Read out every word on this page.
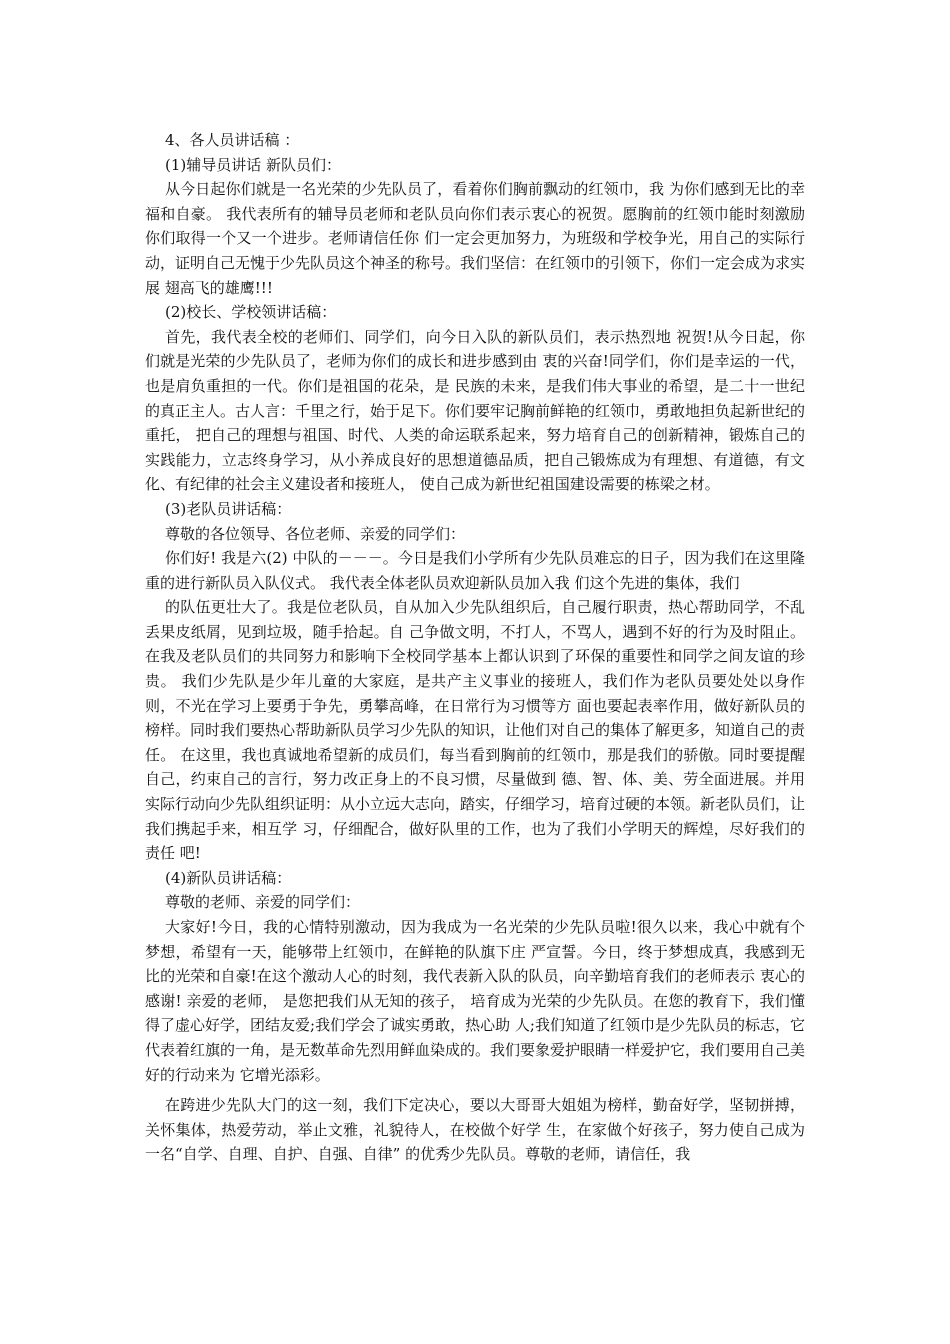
4、各人员讲话稿 ：

(1)辅导员讲话 新队员们：

从今日起你们就是一名光荣的少先队员了，看着你们胸前飘动的红领巾，我 为你们感到无比的幸福和自豪。 我代表所有的辅导员老师和老队员向你们表示衷心的祝贺。愿胸前的红领巾能时刻激励你们取得一个又一个进步。老师请信任你 们一定会更加努力，为班级和学校争光，用自己的实际行动，证明自己无愧于少先队员这个神圣的称号。我们坚信：在红领巾的引领下，你们一定会成为求实展 翅高飞的雄鹰!!!

(2)校长、学校领讲话稿：

首先，我代表全校的老师们、同学们，向今日入队的新队员们，表示热烈地 祝贺!从今日起，你们就是光荣的少先队员了，老师为你们的成长和进步感到由 衷的兴奋!同学们，你们是幸运的一代，也是肩负重担的一代。你们是祖国的花朵，是 民族的未来，是我们伟大事业的希望，是二十一世纪的真正主人。古人言：千里之行，始于足下。你们要牢记胸前鲜艳的红领巾，勇敢地担负起新世纪的重托， 把自己的理想与祖国、时代、人类的命运联系起来，努力培育自己的创新精神，锻炼自己的实践能力，立志终身学习，从小养成良好的思想道德品质，把自己锻炼成为有理想、有道德，有文化、有纪律的社会主义建设者和接班人， 使自己成为新世纪祖国建设需要的栋梁之材。

(3)老队员讲话稿：

尊敬的各位领导、各位老师、亲爱的同学们：

你们好! 我是六(2) 中队的－－－。今日是我们小学所有少先队员难忘的日子，因为我们在这里隆重的进行新队员入队仪式。 我代表全体老队员欢迎新队员加入我 们这个先进的集体，我们

的队伍更壮大了。我是位老队员，自从加入少先队组织后，自己履行职责，热心帮助同学，不乱丢果皮纸屑，见到垃圾，随手拾起。自 己争做文明，不打人，不骂人，遇到不好的行为及时阻止。在我及老队员们的共同努力和影响下全校同学基本上都认识到了环保的重要性和同学之间友谊的珍 贵。 我们少先队是少年儿童的大家庭，是共产主义事业的接班人，我们作为老队员要处处以身作则，不光在学习上要勇于争先，勇攀高峰，在日常行为习惯等方 面也要起表率作用，做好新队员的榜样。同时我们要热心帮助新队员学习少先队的知识，让他们对自己的集体了解更多，知道自己的责任。 在这里，我也真诚地希望新的成员们，每当看到胸前的红领巾，那是我们的骄傲。同时要提醒自己，约束自己的言行，努力改正身上的不良习惯，尽量做到 德、智、体、美、劳全面进展。并用实际行动向少先队组织证明：从小立远大志向，踏实，仔细学习，培育过硬的本领。新老队员们，让我们携起手来，相互学 习，仔细配合，做好队里的工作，也为了我们小学明天的辉煌，尽好我们的责任 吧!

(4)新队员讲话稿：

尊敬的老师、亲爱的同学们：

大家好!今日，我的心情特别激动，因为我成为一名光荣的少先队员啦!很久以来，我心中就有个梦想，希望有一天，能够带上红领巾，在鲜艳的队旗下庄 严宣誓。今日，终于梦想成真，我感到无比的光荣和自豪!在这个激动人心的时刻，我代表新入队的队员，向辛勤培育我们的老师表示 衷心的感谢! 亲爱的老师， 是您把我们从无知的孩子， 培育成为光荣的少先队员。在您的教育下，我们懂得了虚心好学，团结友爱;我们学会了诚实勇敢，热心助 人;我们知道了红领巾是少先队员的标志，它代表着红旗的一角，是无数革命先烈用鲜血染成的。我们要象爱护眼睛一样爱护它，我们要用自己美好的行动来为 它增光添彩。

在跨进少先队大门的这一刻，我们下定决心，要以大哥哥大姐姐为榜样，勤奋好学，坚韧拼搏，关怀集体，热爱劳动，举止文雅，礼貌待人，在校做个好学 生，在家做个好孩子，努力使自己成为一名“自学、自理、自护、自强、自律” 的优秀少先队员。尊敬的老师，请信任，我
